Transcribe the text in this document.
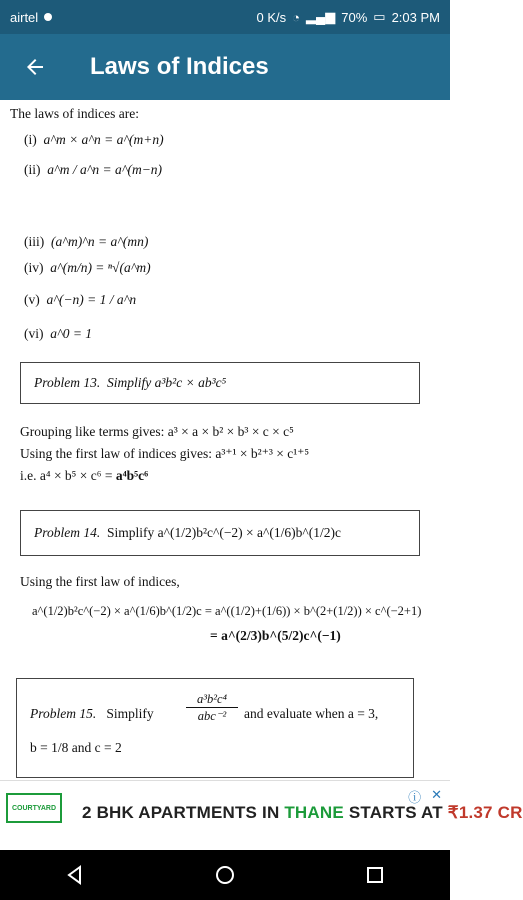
airtel	0 K/s ◔ ▂▄▆ 70% ▭ 2:03 PM
Laws of Indices
The laws of indices are:
(i) a^m × a^n = a^(m+n)
(ii) a^m / a^n = a^(m−n)
(iii) (a^m)^n = a^(mn)
(iv) a^(m/n) = ⁿ√(a^m)
(v) a^(−n) = 1 / a^n
(vi) a^0 = 1
Problem 13. Simplify a³b²c × ab³c⁵
Grouping like terms gives: a³ × a × b² × b³ × c × c⁵
Using the first law of indices gives: a³⁺¹ × b²⁺³ × c¹⁺⁵
i.e. a⁴ × b⁵ × c⁶ = a⁴b⁵c⁶
Problem 14. Simplify a^(1/2)b²c^(−2) × a^(1/6)b^(1/2)c
Using the first law of indices,
a^(1/2)b²c^(−2) × a^(1/6)b^(1/2)c = a^((1/2)+(1/6)) × b^(2+(1/2)) × c^(−2+1)
= a^(2/3)b^(5/2)c^(−1)
Problem 15. Simplify
a³b²c⁴
abc⁻²	and evaluate when a = 3,
b = 1/8 and c = 2
COURTYARD	2 BHK APARTMENTS IN THANE STARTS AT ₹1.37 CR
ⓘ ✕
